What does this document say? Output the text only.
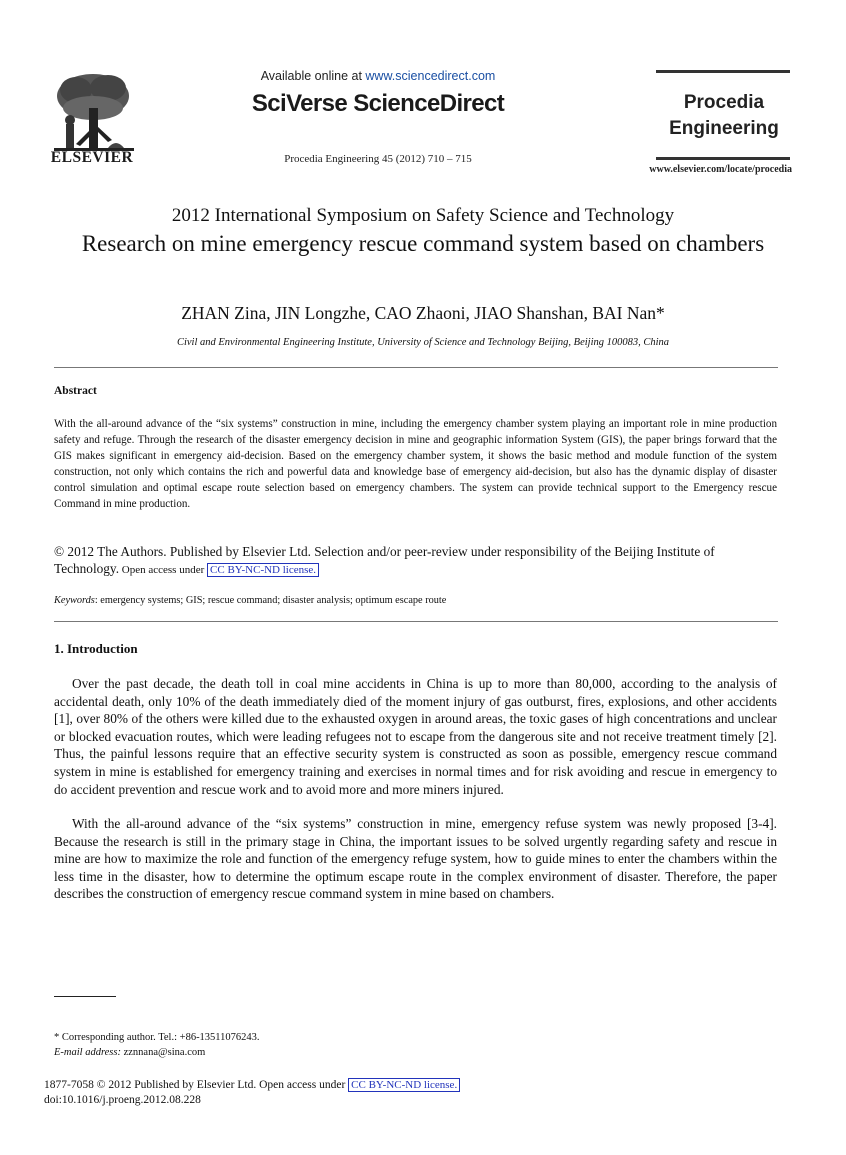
ELSEVIER
Available online at www.sciencedirect.com
SciVerse ScienceDirect
Procedia Engineering 45 (2012) 710 – 715
Procedia
Engineering
www.elsevier.com/locate/procedia
2012 International Symposium on Safety Science and Technology
Research on mine emergency rescue command system based on chambers
ZHAN Zina, JIN Longzhe, CAO Zhaoni, JIAO Shanshan, BAI Nan*
Civil and Environmental Engineering Institute, University of Science and Technology Beijing, Beijing 100083, China
Abstract
With the all-around advance of the “six systems” construction in mine, including the emergency chamber system playing an important role in mine production safety and refuge. Through the research of the disaster emergency decision in mine and geographic information System (GIS), the paper brings forward that the GIS makes significant in emergency aid-decision. Based on the emergency chamber system, it shows the basic method and module function of the system construction, not only which contains the rich and powerful data and knowledge base of emergency aid-decision, but also has the dynamic display of disaster control simulation and optimal escape route selection based on emergency chambers. The system can provide technical support to the Emergency rescue Command in mine production.
© 2012 The Authors. Published by Elsevier Ltd. Selection and/or peer-review under responsibility of the Beijing Institute of Technology. Open access under CC BY-NC-ND license.
Keywords: emergency systems; GIS; rescue command; disaster analysis; optimum escape route
1. Introduction
Over the past decade, the death toll in coal mine accidents in China is up to more than 80,000, according to the analysis of accidental death, only 10% of the death immediately died of the moment injury of gas outburst, fires, explosions, and other accidents [1], over 80% of the others were killed due to the exhausted oxygen in around areas, the toxic gases of high concentrations and unclear or blocked evacuation routes, which were leading refugees not to escape from the dangerous site and not receive treatment timely [2]. Thus, the painful lessons require that an effective security system is constructed as soon as possible, emergency rescue command system in mine is established for emergency training and exercises in normal times and for risk avoiding and rescue in emergency to do accident prevention and rescue work and to avoid more and more miners injured.
With the all-around advance of the “six systems” construction in mine, emergency refuse system was newly proposed [3-4]. Because the research is still in the primary stage in China, the important issues to be solved urgently regarding safety and rescue in mine are how to maximize the role and function of the emergency refuge system, how to guide mines to enter the chambers within the less time in the disaster, how to determine the optimum escape route in the complex environment of disaster. Therefore, the paper describes the construction of emergency rescue command system in mine based on chambers.
* Corresponding author. Tel.: +86-13511076243.
E-mail address: zznnana@sina.com
1877-7058 © 2012 Published by Elsevier Ltd. Open access under CC BY-NC-ND license.
doi:10.1016/j.proeng.2012.08.228
